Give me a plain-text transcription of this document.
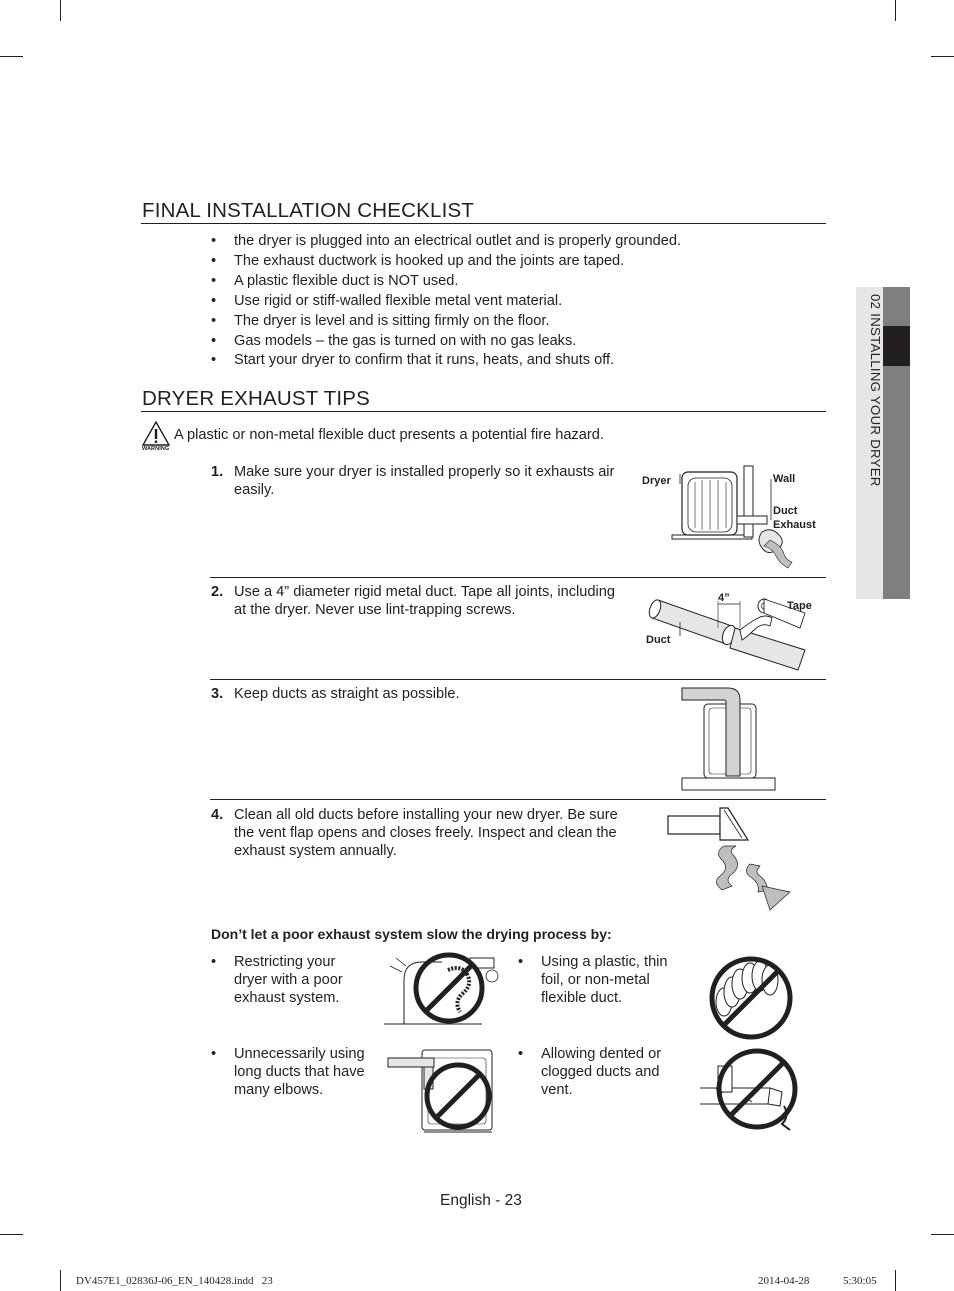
02 INSTALLING YOUR DRYER
FINAL INSTALLATION CHECKLIST
• the dryer is plugged into an electrical outlet and is properly grounded.
• The exhaust ductwork is hooked up and the joints are taped.
• A plastic flexible duct is NOT used.
• Use rigid or stiff-walled flexible metal vent material.
• The dryer is level and is sitting firmly on the floor.
• Gas models – the gas is turned on with no gas leaks.
• Start your dryer to confirm that it runs, heats, and shuts off.
DRYER EXHAUST TIPS
WARNING
A plastic or non-metal flexible duct presents a potential fire hazard.
1. Make sure your dryer is installed properly so it exhausts air easily.
Dryer	Wall
Duct
Exhaust
2. Use a 4” diameter rigid metal duct. Tape all joints, including at the dryer. Never use lint-trapping screws.
4”
Tape
Duct
3. Keep ducts as straight as possible.
4. Clean all old ducts before installing your new dryer. Be sure the vent flap opens and closes freely. Inspect and clean the exhaust system annually.
Don’t let a poor exhaust system slow the drying process by:
• Restricting your dryer with a poor exhaust system.
• Using a plastic, thin foil, or non-metal flexible duct.
• Unnecessarily using long ducts that have many elbows.
• Allowing dented or clogged ducts and vent.
English - 23
DV457E1_02836J-06_EN_140428.indd   23	2014-04-28	5:30:05
